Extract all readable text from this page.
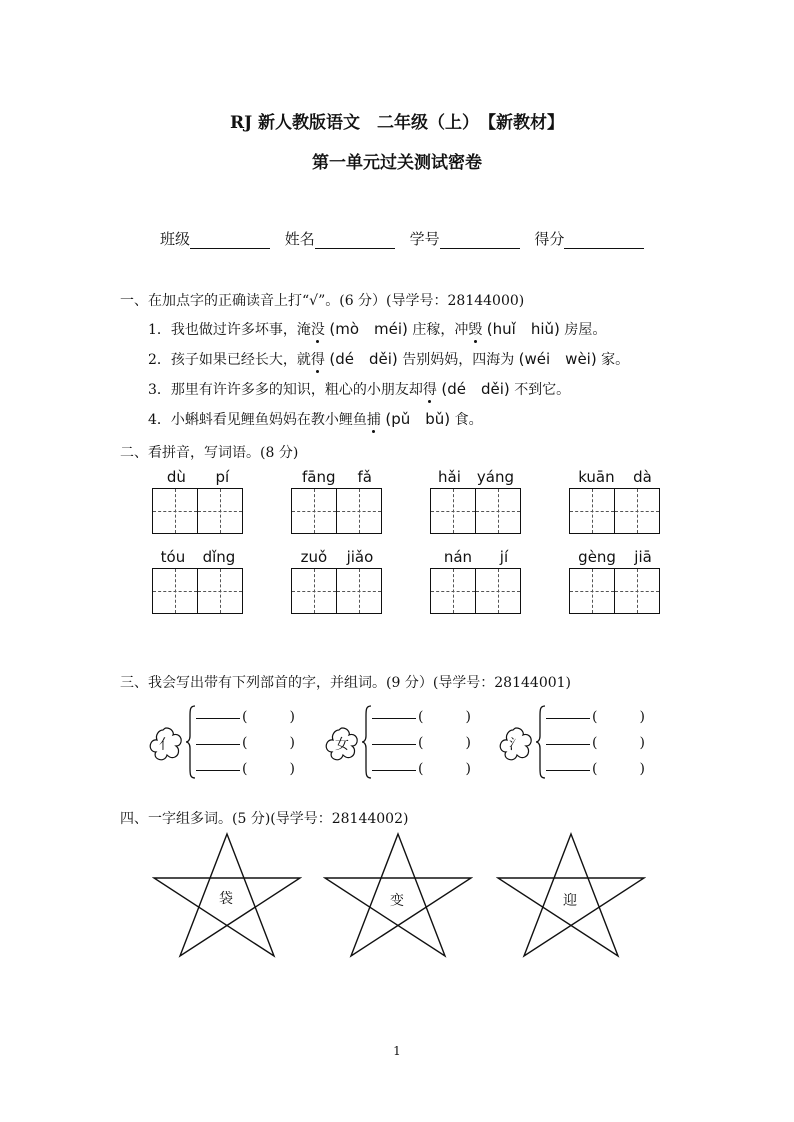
RJ 新人教版语文　二年级（上）　【新教材】
第一单元过关测试密卷
班级	姓名	学号	得分
一、在加点字的正确读音上打“√”。(6 分）(导学号：28144000)
1．我也做过许多坏事，淹没 (mò　méi) 庄稼，冲毁 (huǐ　hiǔ) 房屋。
2．孩子如果已经长大，就得 (dé　děi) 告别妈妈，四海为 (wéi　wèi) 家。
3．那里有许许多多的知识，粗心的小朋友却得 (dé　děi) 不到它。
4．小蝌蚪看见鲤鱼妈妈在教小鲤鱼捕 (pǔ　bǔ) 食。
二、看拼音，写词语。(8 分)
dù pí	fāng fǎ	hǎi yáng	kuān dà
tóu dǐng	zuǒ jiǎo	nán jí	gèng jiā
三、我会写出带有下列部首的字，并组词。(9 分）(导学号：28144001)
亻
(　　　)
(　　　)
(　　　)
女
(　　　)
(　　　)
(　　　)
氵
(　　　)
(　　　)
(　　　)
四、一字组多词。(5 分)(导学号：28144002)
袋	变	迎
1
